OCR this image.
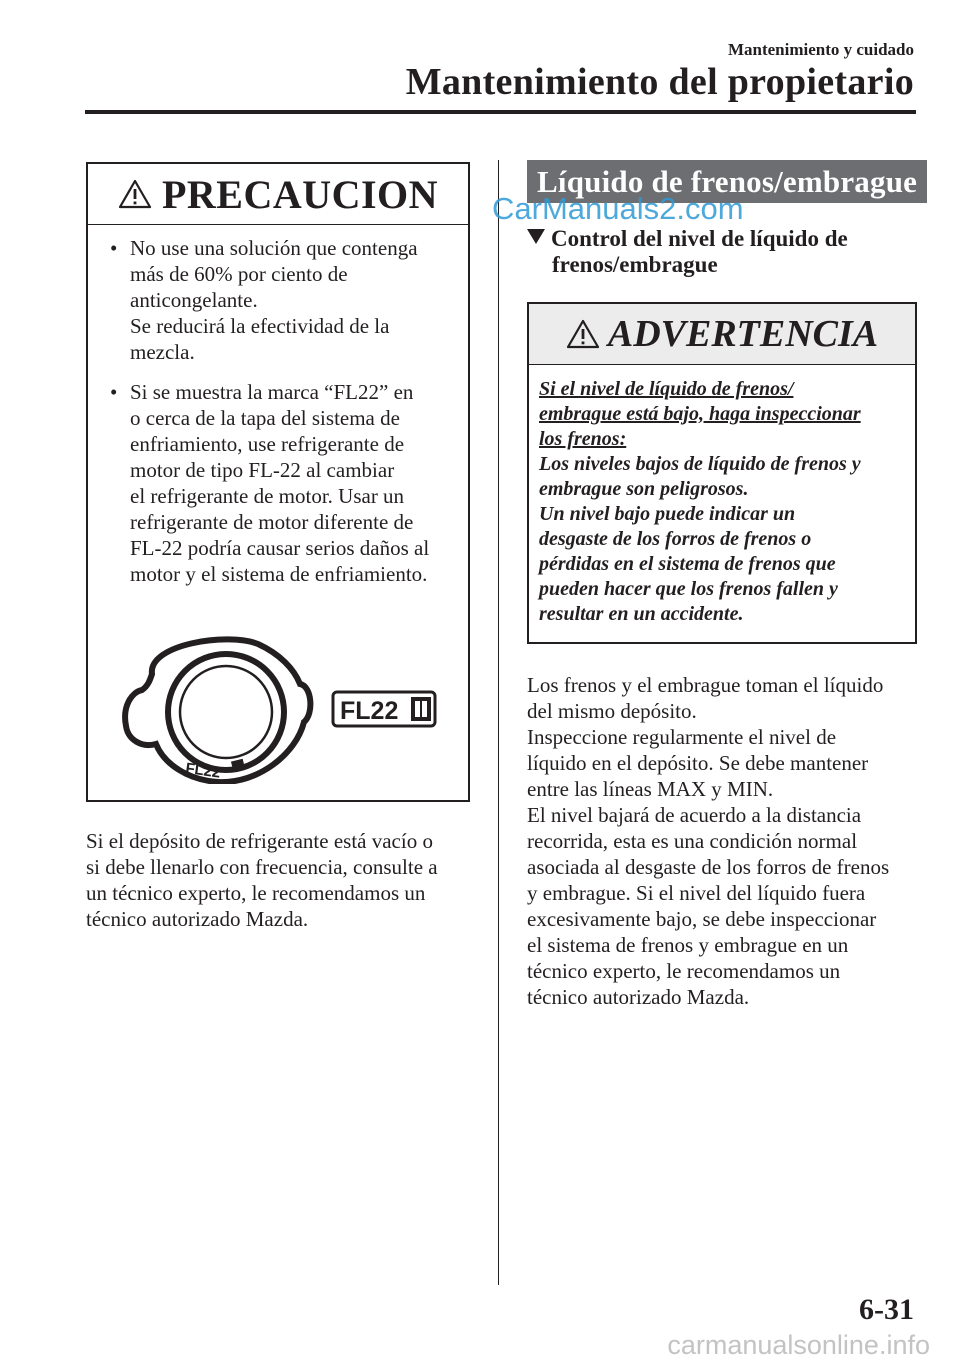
Mantenimiento y cuidado
Mantenimiento del propietario
PRECAUCION
• No use una solución que contenga
más de 60% por ciento de
anticongelante.
Se reducirá la efectividad de la
mezcla.
• Si se muestra la marca “FL22” en
o cerca de la tapa del sistema de
enfriamiento, use refrigerante de
motor de tipo FL-22 al cambiar
el refrigerante de motor. Usar un
refrigerante de motor diferente de
FL-22 podría causar serios daños al
motor y el sistema de enfriamiento.
FL22
FL22
Si el depósito de refrigerante está vacío o
si debe llenarlo con frecuencia, consulte a
un técnico experto, le recomendamos un
técnico autorizado Mazda.
Líquido de frenos/embrague
CarManuals2.com
Control del nivel de líquido de
frenos/embrague
ADVERTENCIA
Si el nivel de líquido de frenos/
embrague está bajo, haga inspeccionar
los frenos:
Los niveles bajos de líquido de frenos y
embrague son peligrosos.
Un nivel bajo puede indicar un
desgaste de los forros de frenos o
pérdidas en el sistema de frenos que
pueden hacer que los frenos fallen y
resultar en un accidente.
Los frenos y el embrague toman el líquido
del mismo depósito.
Inspeccione regularmente el nivel de
líquido en el depósito. Se debe mantener
entre las líneas MAX y MIN.
El nivel bajará de acuerdo a la distancia
recorrida, esta es una condición normal
asociada al desgaste de los forros de frenos
y embrague. Si el nivel del líquido fuera
excesivamente bajo, se debe inspeccionar
el sistema de frenos y embrague en un
técnico experto, le recomendamos un
técnico autorizado Mazda.
6-31
carmanualsonline.info
